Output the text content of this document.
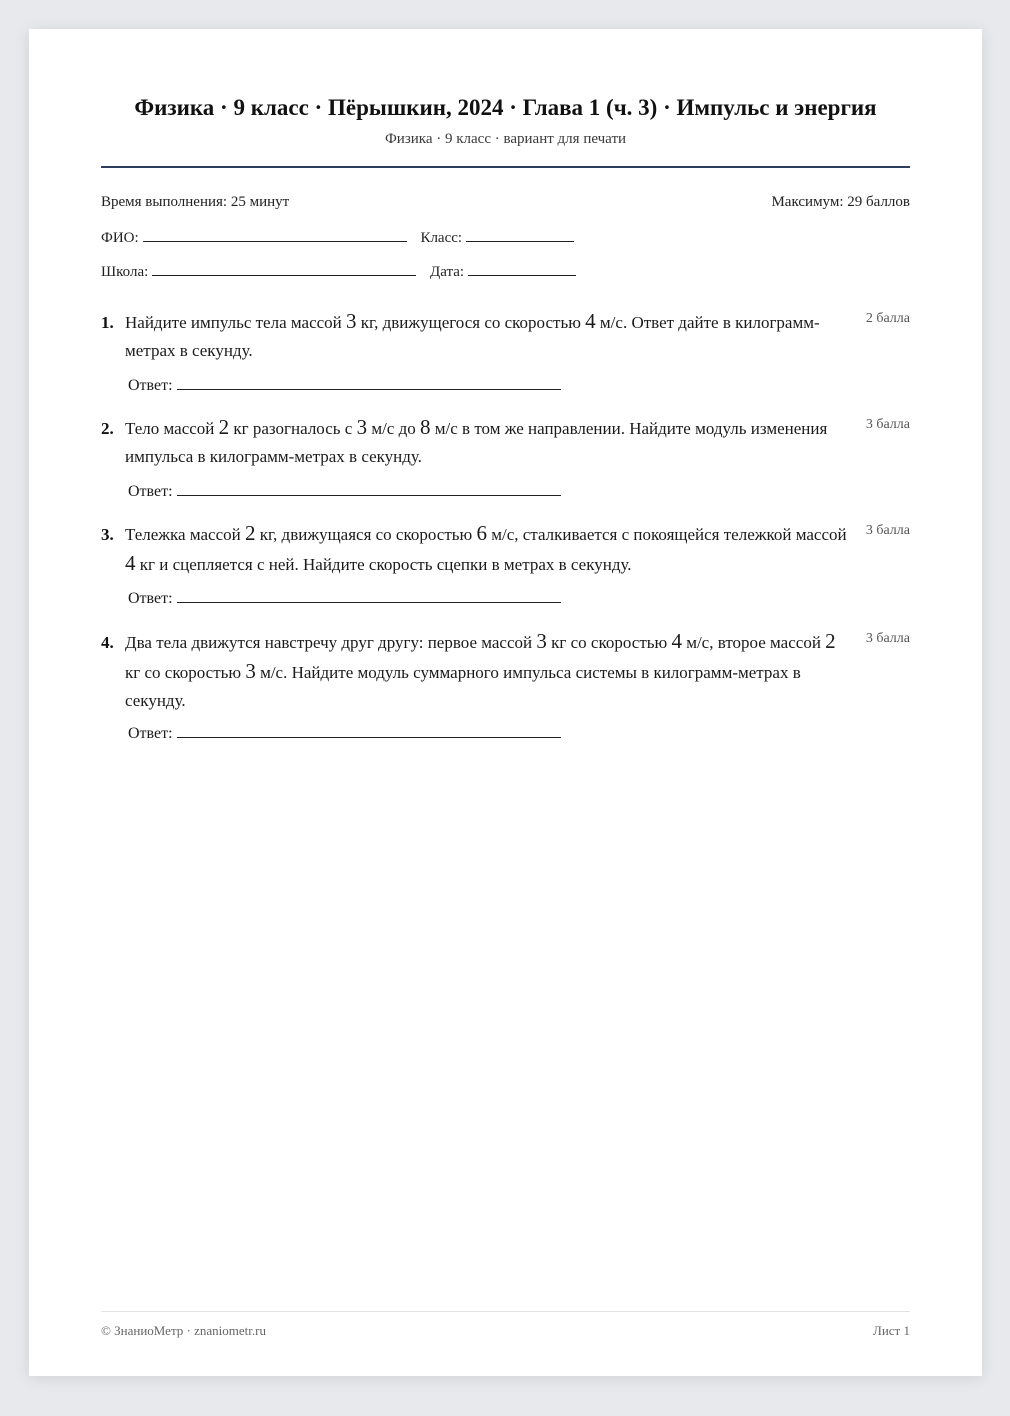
Физика · 9 класс · Пёрышкин, 2024 · Глава 1 (ч. 3) · Импульс и энергия
Физика · 9 класс · вариант для печати
Время выполнения: 25 минут	Максимум: 29 баллов
ФИО:	Класс:
Школа:	Дата:
1. Найдите импульс тела массой 3 кг, движущегося со скоростью 4 м/с. Ответ дайте в килограмм-метрах в секунду.
2 балла
Ответ:
2. Тело массой 2 кг разогналось с 3 м/с до 8 м/с в том же направлении. Найдите модуль изменения импульса в килограмм-метрах в секунду.
3 балла
Ответ:
3. Тележка массой 2 кг, движущаяся со скоростью 6 м/с, сталкивается с покоящейся тележкой массой 4 кг и сцепляется с ней. Найдите скорость сцепки в метрах в секунду.
3 балла
Ответ:
4. Два тела движутся навстречу друг другу: первое массой 3 кг со скоростью 4 м/с, второе массой 2 кг со скоростью 3 м/с. Найдите модуль суммарного импульса системы в килограмм-метрах в секунду.
3 балла
Ответ:
© ЗнаниоМетр · znaniometr.ru	Лист 1
